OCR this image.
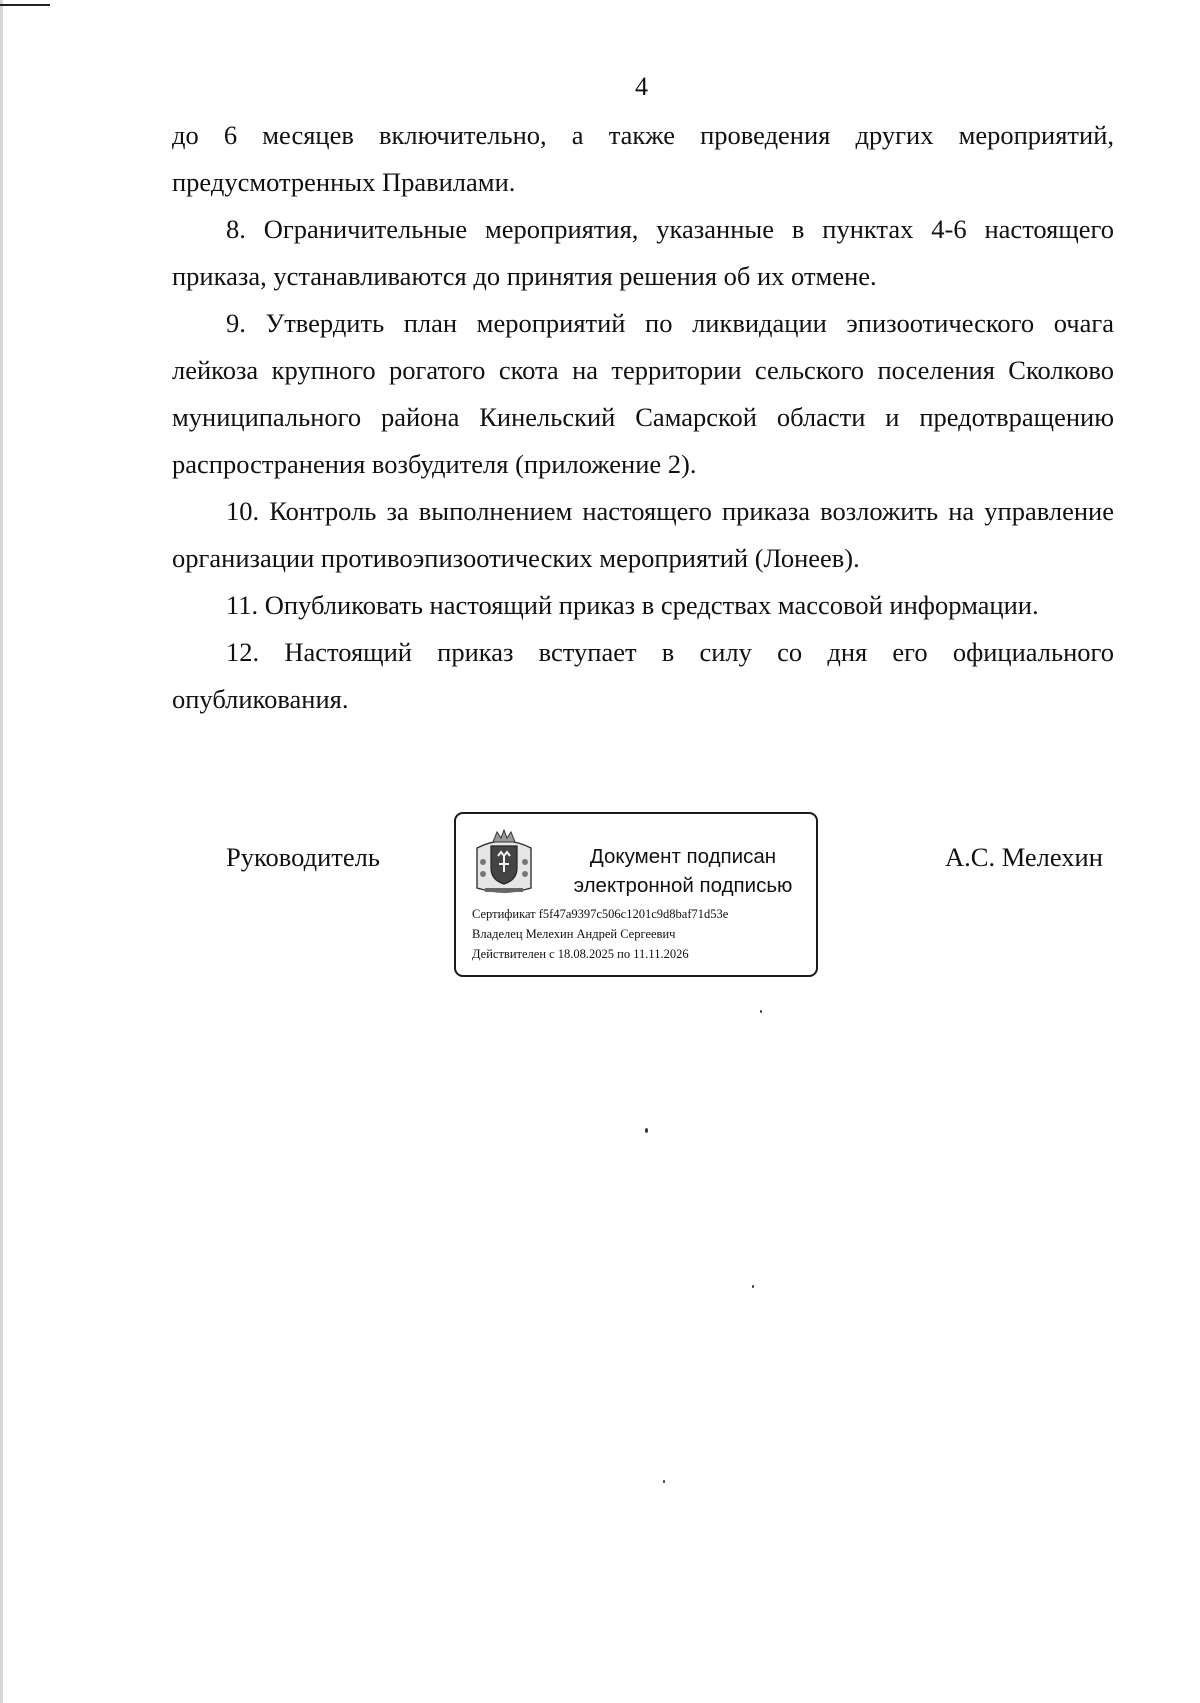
4

до 6 месяцев включительно, а также проведения других мероприятий, предусмотренных Правилами.

8. Ограничительные мероприятия, указанные в пунктах 4-6 настоящего приказа, устанавливаются до принятия решения об их отмене.

9. Утвердить план мероприятий по ликвидации эпизоотического очага лейкоза крупного рогатого скота на территории сельского поселения Сколково муниципального района Кинельский Самарской области и предотвращению распространения возбудителя (приложение 2).

10. Контроль за выполнением настоящего приказа возложить на управление организации противоэпизоотических мероприятий (Лонеев).

11. Опубликовать настоящий приказ в средствах массовой информации.

12. Настоящий приказ вступает в силу со дня его официального опубликования.

Руководитель	Документ подписан
электронной подписью
Сертификат f5f47a9397c506c1201c9d8baf71d53e
Владелец Мелехин Андрей Сергеевич
Действителен с 18.08.2025 по 11.11.2026
А.С. Мелехин
